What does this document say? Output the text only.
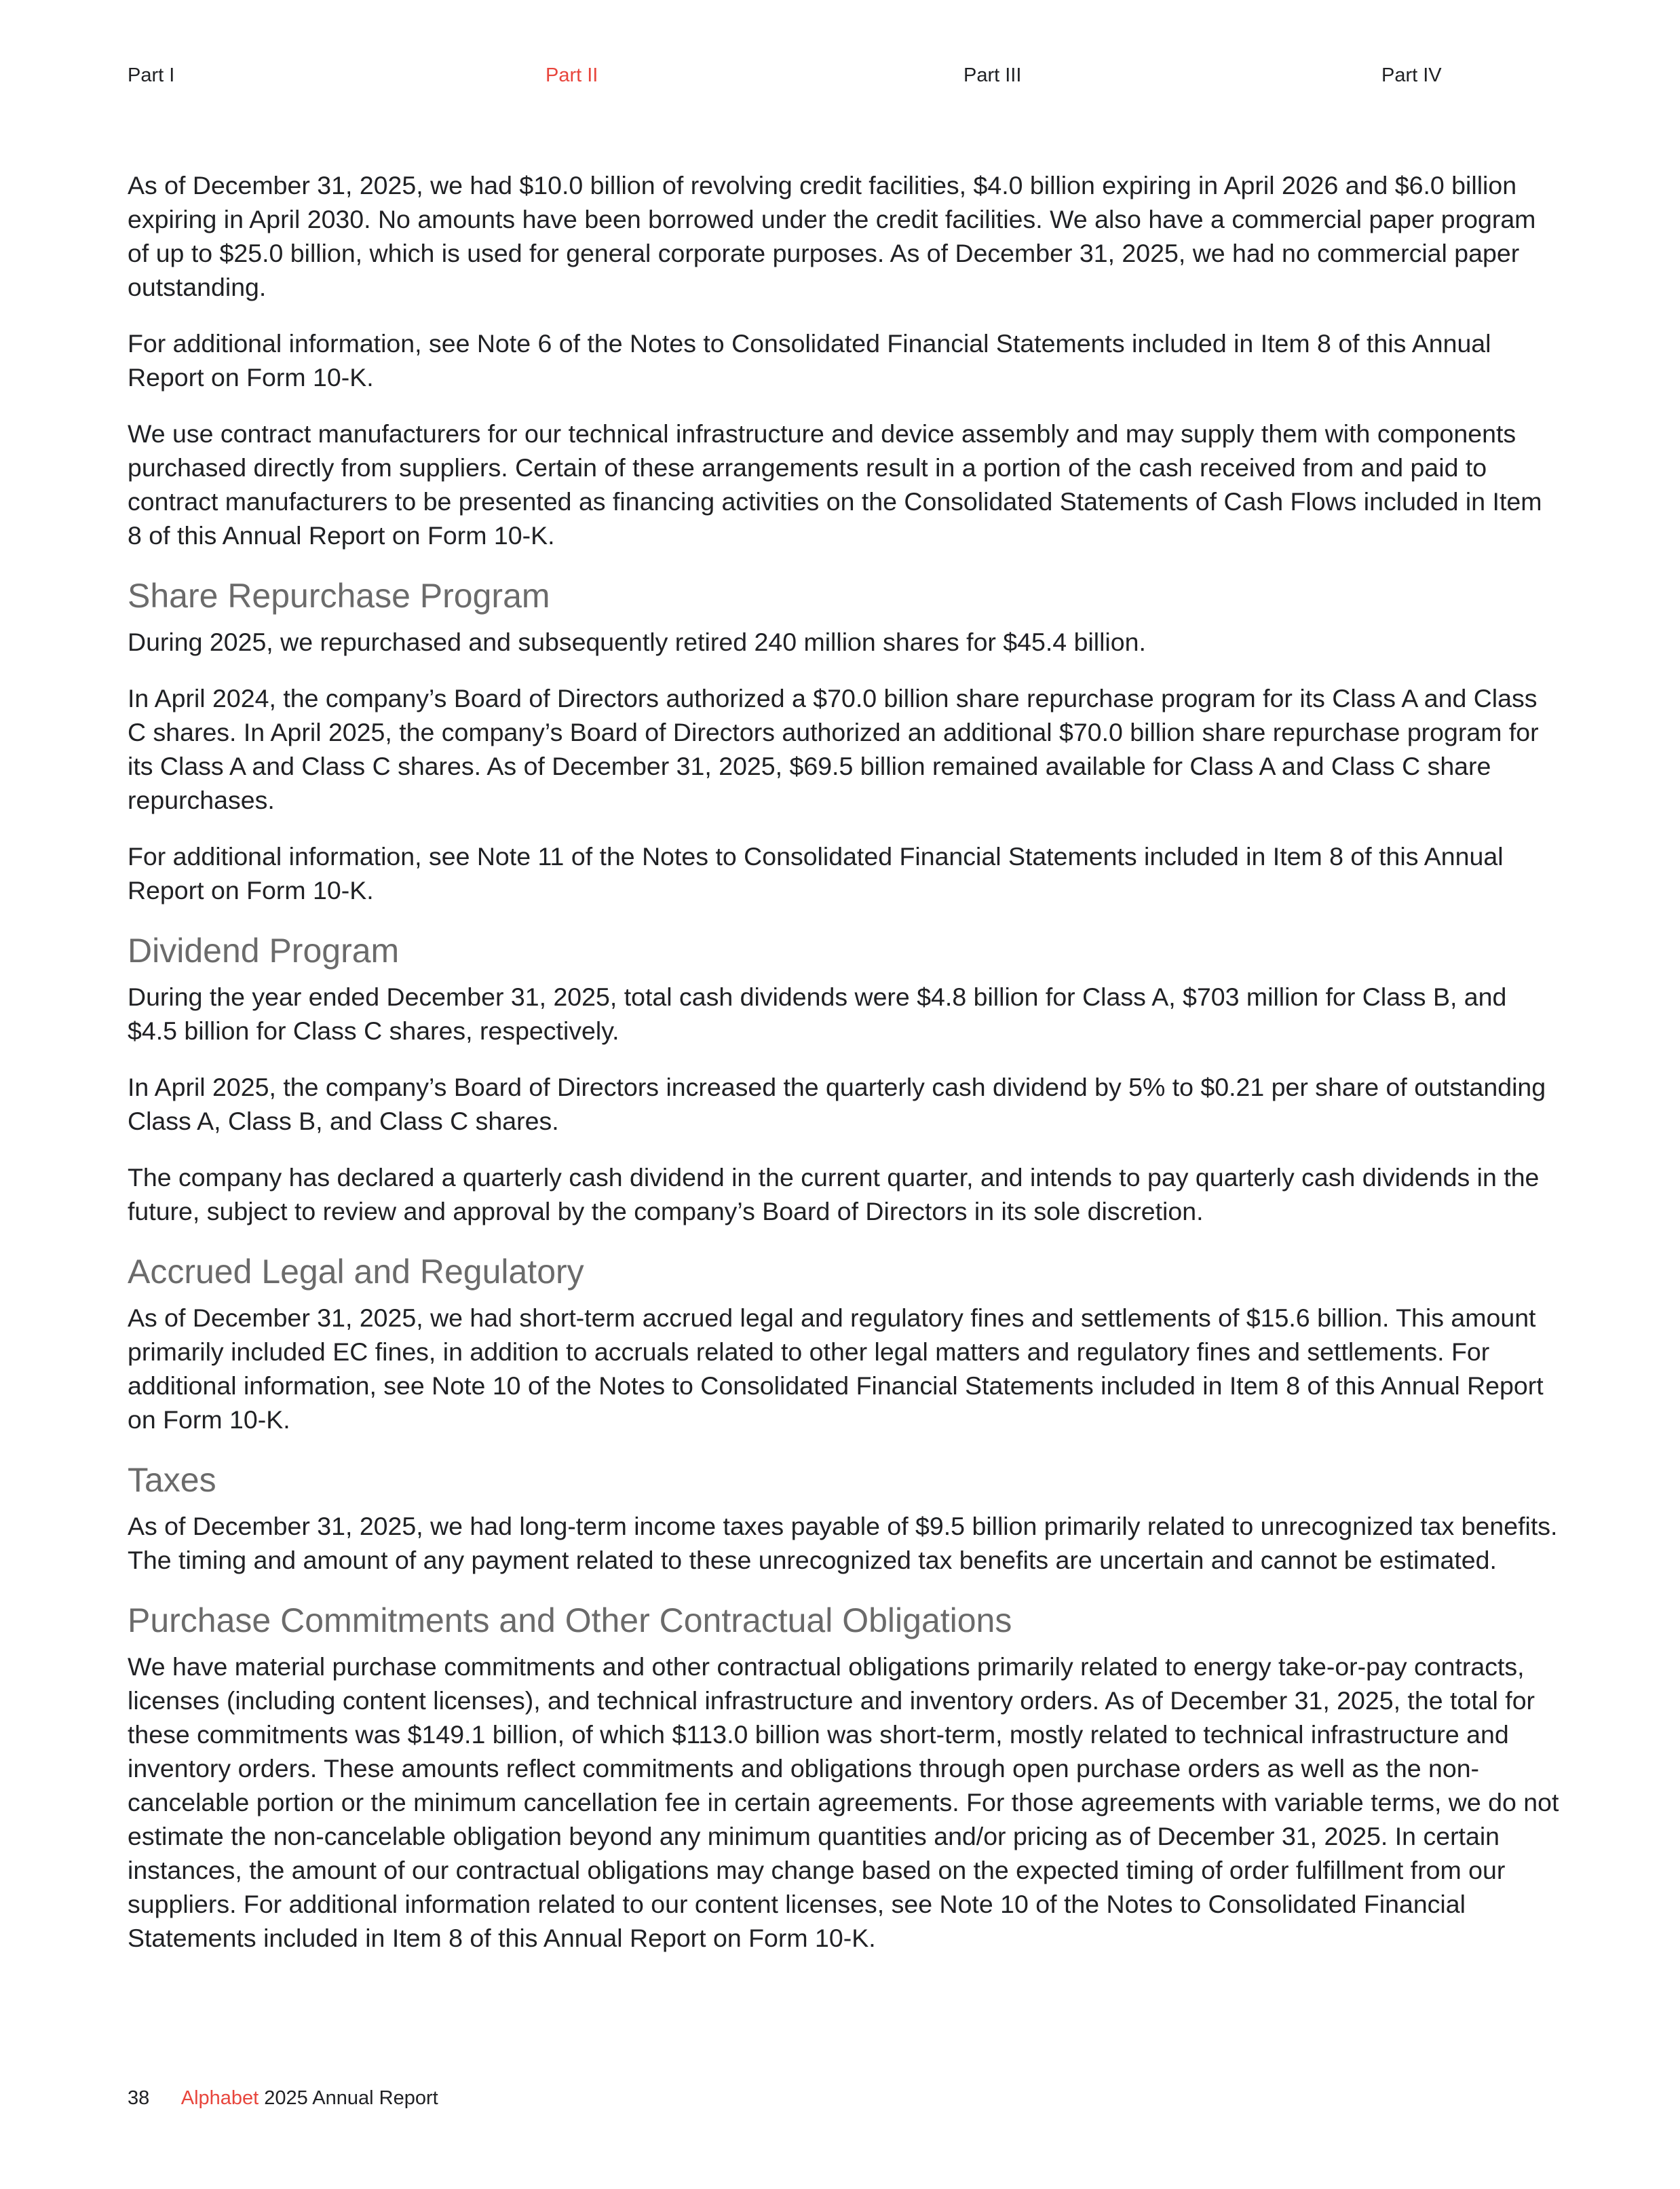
Part I	Part II	Part III	Part IV

As of December 31, 2025, we had $10.0 billion of revolving credit facilities, $4.0 billion expiring in April 2026 and $6.0 billion expiring in April 2030. No amounts have been borrowed under the credit facilities. We also have a commercial paper program of up to $25.0 billion, which is used for general corporate purposes. As of December 31, 2025, we had no commercial paper outstanding.

For additional information, see Note 6 of the Notes to Consolidated Financial Statements included in Item 8 of this Annual Report on Form 10-K.

We use contract manufacturers for our technical infrastructure and device assembly and may supply them with components purchased directly from suppliers. Certain of these arrangements result in a portion of the cash received from and paid to contract manufacturers to be presented as financing activities on the Consolidated Statements of Cash Flows included in Item 8 of this Annual Report on Form 10-K.

Share Repurchase Program

During 2025, we repurchased and subsequently retired 240 million shares for $45.4 billion.

In April 2024, the company’s Board of Directors authorized a $70.0 billion share repurchase program for its Class A and Class C shares. In April 2025, the company’s Board of Directors authorized an additional $70.0 billion share repurchase program for its Class A and Class C shares. As of December 31, 2025, $69.5 billion remained available for Class A and Class C share repurchases.

For additional information, see Note 11 of the Notes to Consolidated Financial Statements included in Item 8 of this Annual Report on Form 10-K.

Dividend Program

During the year ended December 31, 2025, total cash dividends were $4.8 billion for Class A, $703 million for Class B, and $4.5 billion for Class C shares, respectively.

In April 2025, the company’s Board of Directors increased the quarterly cash dividend by 5% to $0.21 per share of outstanding Class A, Class B, and Class C shares.

The company has declared a quarterly cash dividend in the current quarter, and intends to pay quarterly cash dividends in the future, subject to review and approval by the company’s Board of Directors in its sole discretion.

Accrued Legal and Regulatory

As of December 31, 2025, we had short-term accrued legal and regulatory fines and settlements of $15.6 billion. This amount primarily included EC fines, in addition to accruals related to other legal matters and regulatory fines and settlements. For additional information, see Note 10 of the Notes to Consolidated Financial Statements included in Item 8 of this Annual Report on Form 10-K.

Taxes

As of December 31, 2025, we had long-term income taxes payable of $9.5 billion primarily related to unrecognized tax benefits. The timing and amount of any payment related to these unrecognized tax benefits are uncertain and cannot be estimated.

Purchase Commitments and Other Contractual Obligations

We have material purchase commitments and other contractual obligations primarily related to energy take-or-pay contracts, licenses (including content licenses), and technical infrastructure and inventory orders. As of December 31, 2025, the total for these commitments was $149.1 billion, of which $113.0 billion was short-term, mostly related to technical infrastructure and inventory orders. These amounts reflect commitments and obligations through open purchase orders as well as the non-cancelable portion or the minimum cancellation fee in certain agreements. For those agreements with variable terms, we do not estimate the non-cancelable obligation beyond any minimum quantities and/or pricing as of December 31, 2025. In certain instances, the amount of our contractual obligations may change based on the expected timing of order fulfillment from our suppliers. For additional information related to our content licenses, see Note 10 of the Notes to Consolidated Financial Statements included in Item 8 of this Annual Report on Form 10-K.

38 Alphabet 2025 Annual Report
